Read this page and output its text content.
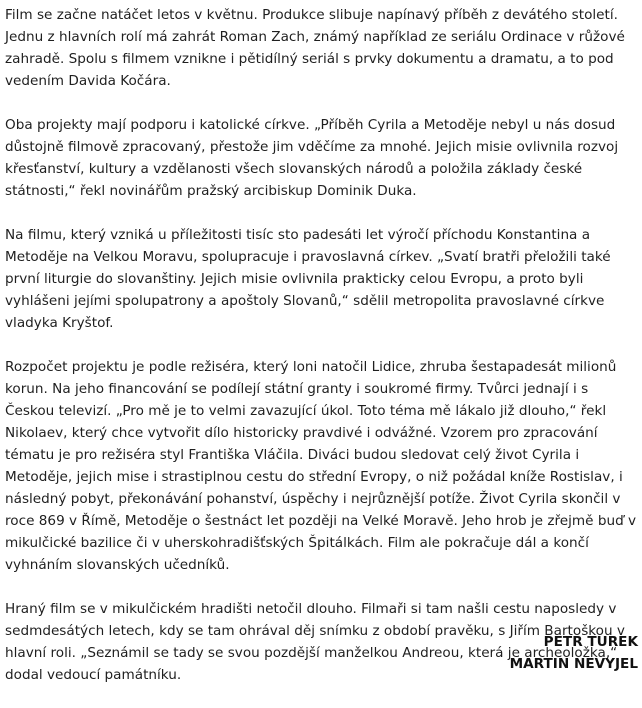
Film se začne natáčet letos v květnu. Produkce slibuje napínavý příběh z devátého století. Jednu z hlavních rolí má zahrát Roman Zach, známý například ze seriálu Ordinace v růžové zahradě. Spolu s filmem vznikne i pětidílný seriál s prvky dokumentu a dramatu, a to pod vedením Davida Kočára.

Oba projekty mají podporu i katolické církve. „Příběh Cyrila a Metoděje nebyl u nás dosud důstojně filmově zpracovaný, přestože jim vděčíme za mnohé. Jejich misie ovlivnila rozvoj křesťanství, kultury a vzdělanosti všech slovanských národů a položila základy české státnosti,“ řekl novinářům pražský arcibiskup Dominik Duka.

Na filmu, který vzniká u příležitosti tisíc sto padesáti let výročí příchodu Konstantina a Metoděje na Velkou Moravu, spolupracuje i pravoslavná církev. „Svatí bratři přeložili také první liturgie do slovanštiny. Jejich misie ovlivnila prakticky celou Evropu, a proto byli vyhlášeni jejími spolupatrony a apoštoly Slovanů,“ sdělil metropolita pravoslavné církve vladyka Kryštof.

Rozpočet projektu je podle režiséra, který loni natočil Lidice, zhruba šestapadesát milionů korun. Na jeho financování se podílejí státní granty i soukromé firmy. Tvůrci jednají i s Českou televizí. „Pro mě je to velmi zavazující úkol. Toto téma mě lákalo již dlouho,“ řekl Nikolaev, který chce vytvořit dílo historicky pravdivé i odvážné. Vzorem pro zpracování tématu je pro režiséra styl Františka Vláčila. Diváci budou sledovat celý život Cyrila i Metoděje, jejich mise i strastiplnou cestu do střední Evropy, o niž požádal kníže Rostislav, i následný pobyt, překonávání pohanství, úspěchy i nejrůznější potíže. Život Cyrila skončil v roce 869 v Římě, Metoděje o šestnáct let později na Velké Moravě. Jeho hrob je zřejmě buď v mikulčické bazilice či v uherskohradišťských Špitálkách. Film ale pokračuje dál a končí vyhnáním slovanských učedníků.

Hraný film se v mikulčickém hradišti netočil dlouho. Filmaři si tam našli cestu naposledy v sedmdesátých letech, kdy se tam ohrával děj snímku z období pravěku, s Jiřím Bartoškou v hlavní roli. „Seznámil se tady se svou pozdější manželkou Andreou, která je archeoložka,“ dodal vedoucí památníku.

PETR TUREK
MARTIN NEVYJEL
